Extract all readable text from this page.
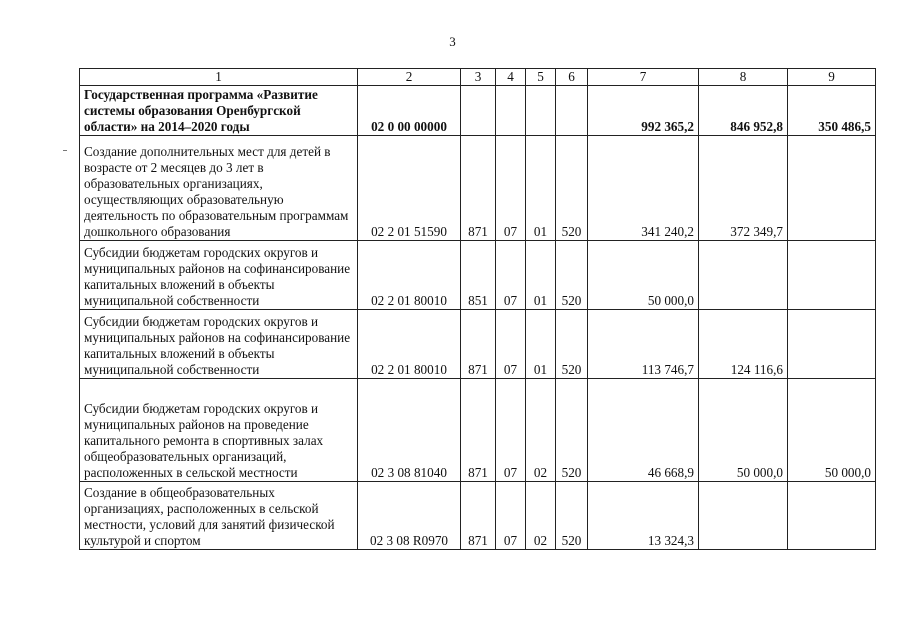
3
1	2	3	4	5	6	7	8	9
Государственная программа «Развитие системы образования Оренбургской области» на 2014–2020 годы	02 0 00 00000					992 365,2	846 952,8	350 486,5
Создание дополнительных мест для детей в возрасте от 2 месяцев до 3 лет в образовательных организациях, осуществляющих образовательную деятельность по образовательным программам дошкольного образования	02 2 01 51590	871	07	01	520	341 240,2	372 349,7	
Субсидии бюджетам городских округов и муниципальных районов на софинансирование капитальных вложений в объекты муниципальной собственности	02 2 01 80010	851	07	01	520	50 000,0		
Субсидии бюджетам городских округов и муниципальных районов на софинансирование капитальных вложений в объекты муниципальной собственности	02 2 01 80010	871	07	01	520	113 746,7	124 116,6	
Субсидии бюджетам городских округов и муниципальных районов на проведение капитального ремонта в спортивных залах общеобразовательных организаций, расположенных в сельской местности	02 3 08 81040	871	07	02	520	46 668,9	50 000,0	50 000,0
Создание в общеобразовательных организациях, расположенных в сельской местности, условий для занятий физической культурой и спортом	02 3 08 R0970	871	07	02	520	13 324,3		
